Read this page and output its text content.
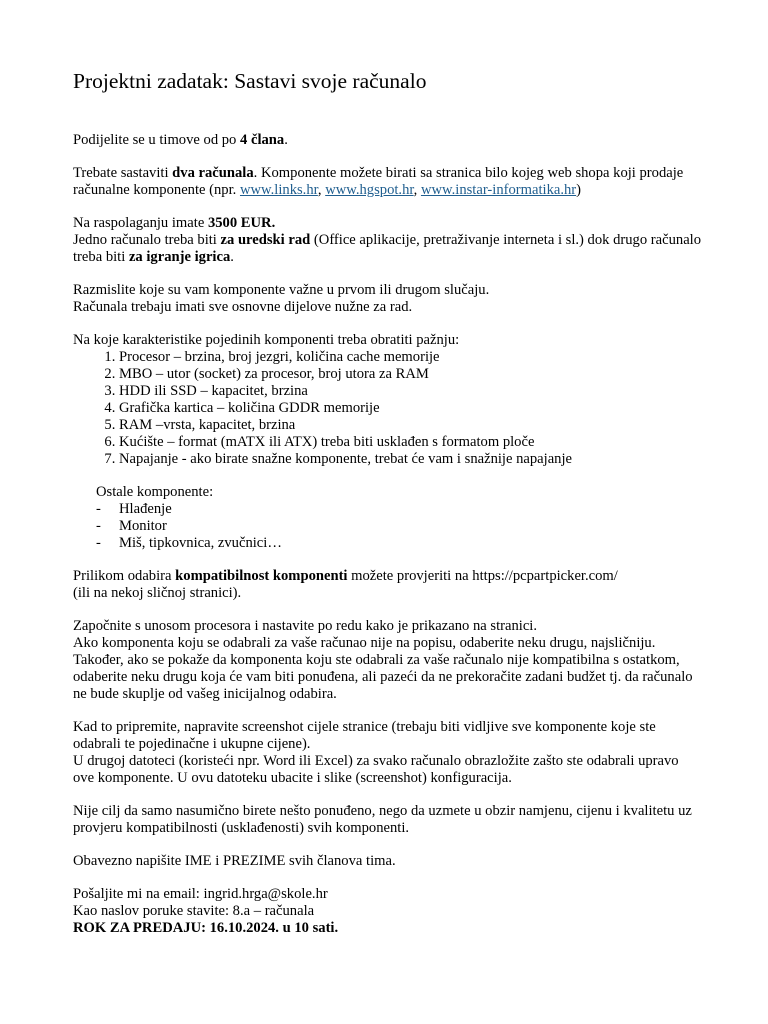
Projektni zadatak: Sastavi svoje računalo

Podijelite se u timove od po 4 člana.

Trebate sastaviti dva računala. Komponente možete birati sa stranica bilo kojeg web shopa koji prodaje računalne komponente (npr. www.links.hr, www.hgspot.hr, www.instar-informatika.hr)

Na raspolaganju imate 3500 EUR.
Jedno računalo treba biti za uredski rad (Office aplikacije, pretraživanje interneta i sl.) dok drugo računalo treba biti za igranje igrica.

Razmislite koje su vam komponente važne u prvom ili drugom slučaju.
Računala trebaju imati sve osnovne dijelove nužne za rad.

Na koje karakteristike pojedinih komponenti treba obratiti pažnju:
1. Procesor – brzina, broj jezgri, količina cache memorije
2. MBO – utor (socket) za procesor, broj utora za RAM
3. HDD ili SSD – kapacitet, brzina
4. Grafička kartica – količina GDDR memorije
5. RAM –vrsta, kapacitet, brzina
6. Kućište – format (mATX ili ATX) treba biti usklađen s formatom ploče
7. Napajanje - ako birate snažne komponente, trebat će vam i snažnije napajanje
Ostale komponente:
- Hlađenje
- Monitor
- Miš, tipkovnica, zvučnici…

Prilikom odabira kompatibilnost komponenti možete provjeriti na https://pcpartpicker.com/
(ili na nekoj sličnoj stranici).

Započnite s unosom procesora i nastavite po redu kako je prikazano na stranici.
Ako komponenta koju se odabrali za vaše računao nije na popisu, odaberite neku drugu, najsličniju.
Također, ako se pokaže da komponenta koju ste odabrali za vaše računalo nije kompatibilna s ostatkom, odaberite neku drugu koja će vam biti ponuđena, ali pazeći da ne prekoračite zadani budžet tj. da računalo ne bude skuplje od vašeg inicijalnog odabira.

Kad to pripremite, napravite screenshot cijele stranice (trebaju biti vidljive sve komponente koje ste odabrali te pojedinačne i ukupne cijene).
U drugoj datoteci (koristeći npr. Word ili Excel) za svako računalo obrazložite zašto ste odabrali upravo ove komponente. U ovu datoteku ubacite i slike (screenshot) konfiguracija.

Nije cilj da samo nasumično birete nešto ponuđeno, nego da uzmete u obzir namjenu, cijenu i kvalitetu uz provjeru kompatibilnosti (usklađenosti) svih komponenti.

Obavezno napišite IME i PREZIME svih članova tima.

Pošaljite mi na email: ingrid.hrga@skole.hr
Kao naslov poruke stavite: 8.a – računala
ROK ZA PREDAJU: 16.10.2024. u 10 sati.
